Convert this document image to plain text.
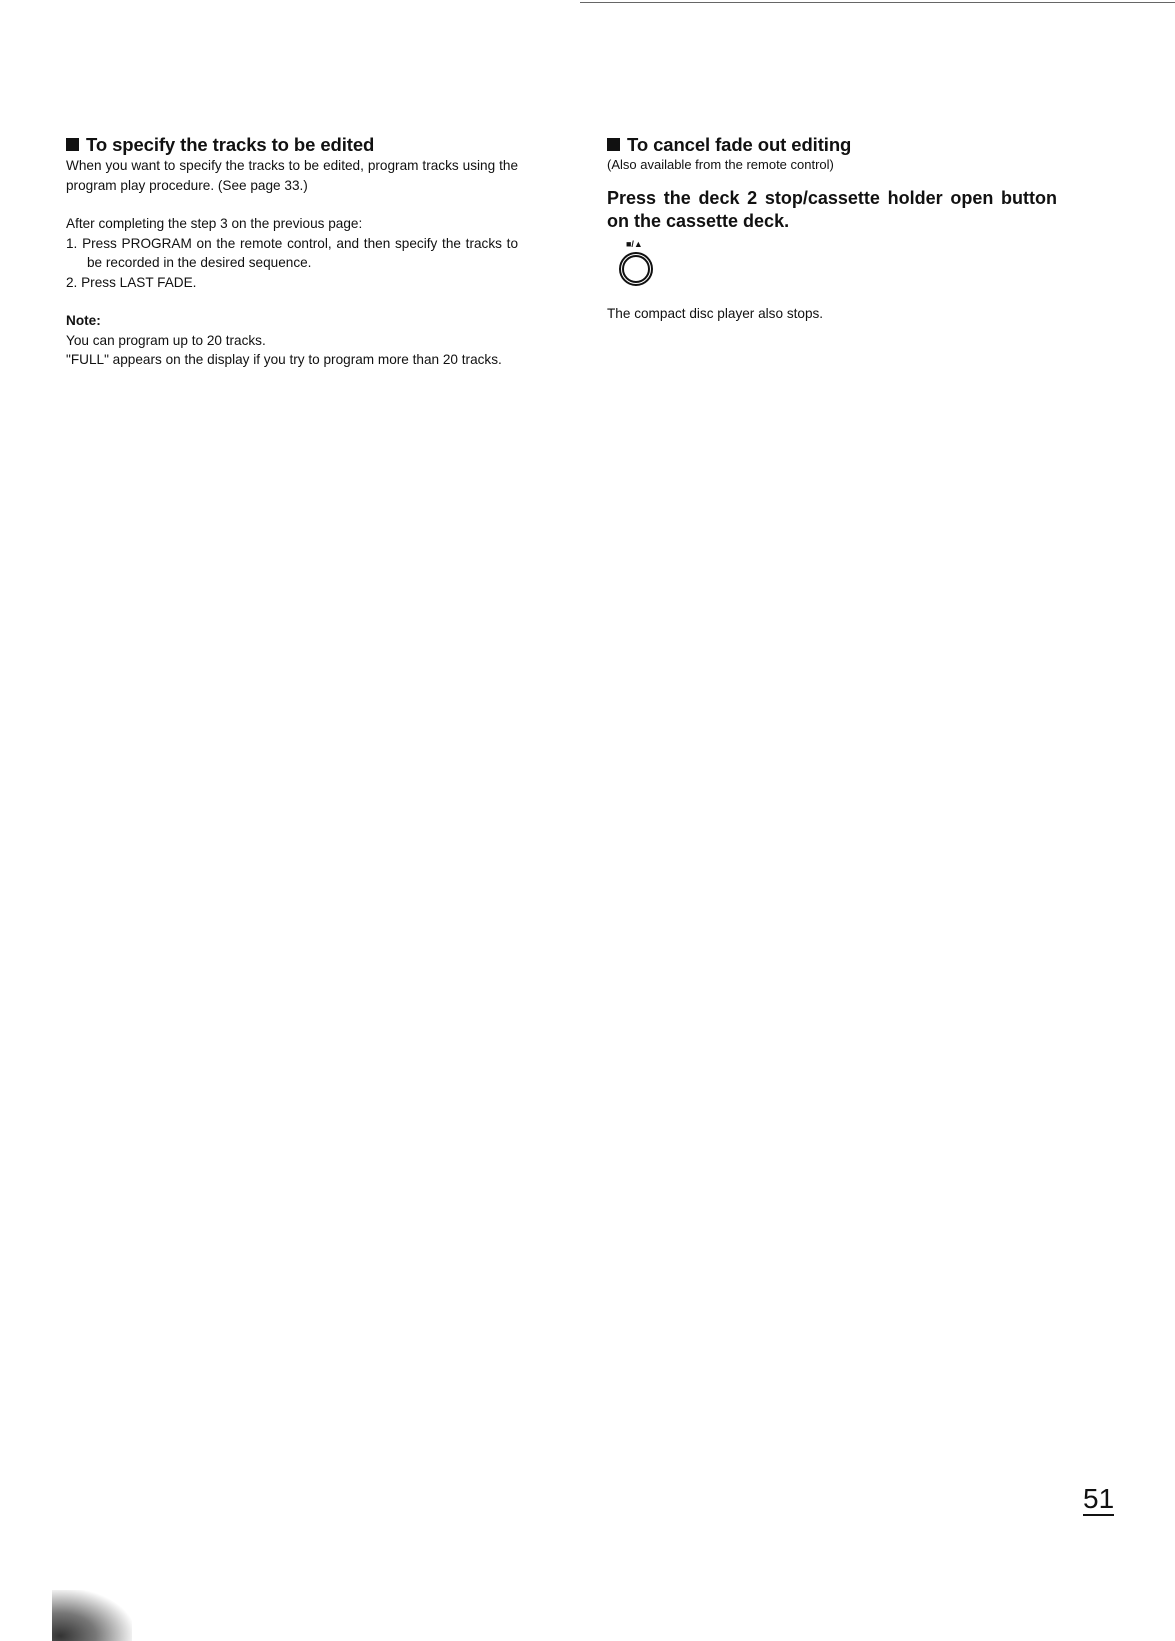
To specify the tracks to be edited

When you want to specify the tracks to be edited, program tracks using the program play procedure. (See page 33.)

After completing the step 3 on the previous page:

1. Press PROGRAM on the remote control, and then specify the tracks to be recorded in the desired sequence.
2. Press LAST FADE.

Note:

You can program up to 20 tracks.

"FULL" appears on the display if you try to program more than 20 tracks.

To cancel fade out editing

(Also available from the remote control)

Press the deck 2 stop/cassette holder open button on the cassette deck.
■/▲

The compact disc player also stops.

51
